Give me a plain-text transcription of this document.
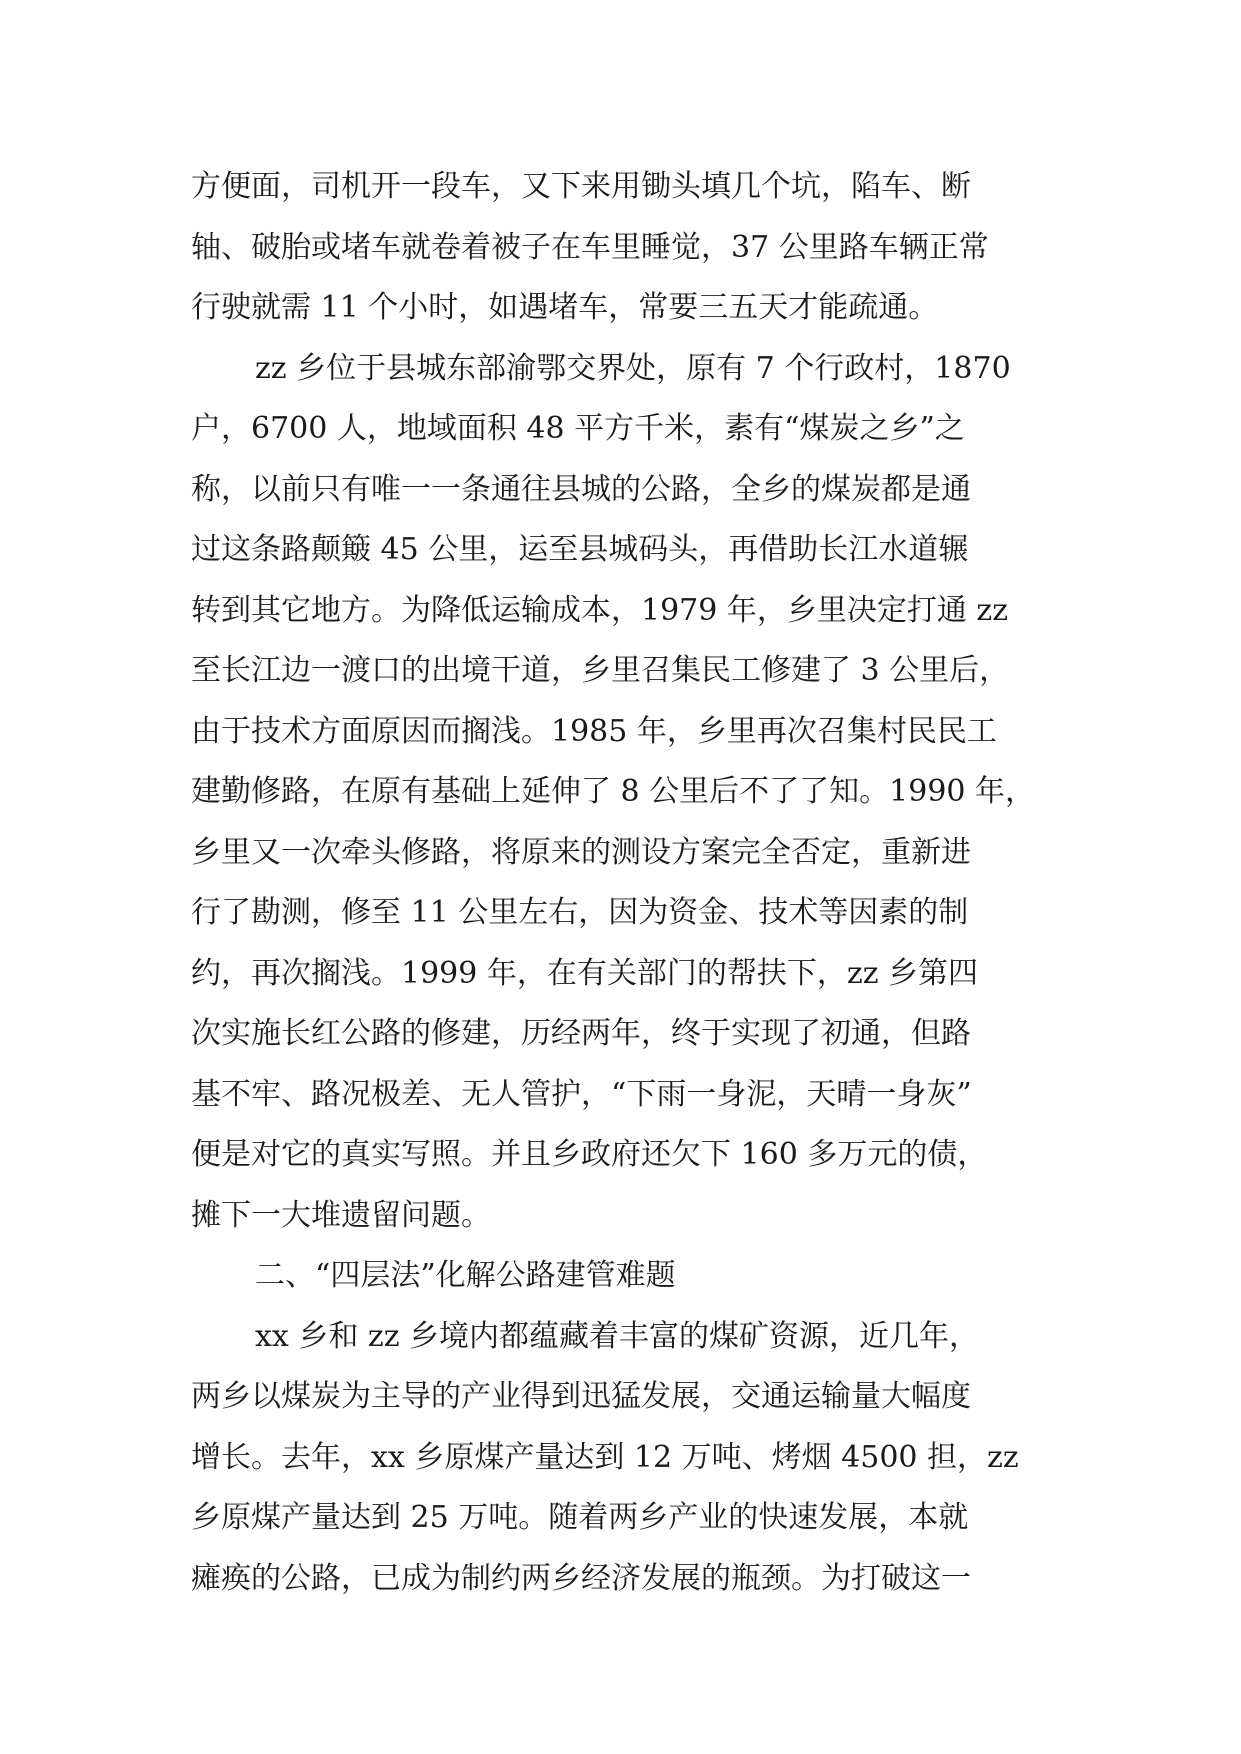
方便面，司机开一段车，又下来用锄头填几个坑，陷车、断
轴、破胎或堵车就卷着被子在车里睡觉，37 公里路车辆正常
行驶就需 11 个小时，如遇堵车，常要三五天才能疏通。
zz 乡位于县城东部渝鄂交界处，原有 7 个行政村，1870
户，6700 人，地域面积 48 平方千米，素有“煤炭之乡”之
称，以前只有唯一一条通往县城的公路，全乡的煤炭都是通
过这条路颠簸 45 公里，运至县城码头，再借助长江水道辗
转到其它地方。为降低运输成本，1979 年，乡里决定打通 zz
至长江边一渡口的出境干道，乡里召集民工修建了 3 公里后，
由于技术方面原因而搁浅。1985 年，乡里再次召集村民民工
建勤修路，在原有基础上延伸了 8 公里后不了了知。1990 年，
乡里又一次牵头修路，将原来的测设方案完全否定，重新进
行了勘测，修至 11 公里左右，因为资金、技术等因素的制
约，再次搁浅。1999 年，在有关部门的帮扶下，zz 乡第四
次实施长红公路的修建，历经两年，终于实现了初通，但路
基不牢、路况极差、无人管护，“下雨一身泥，天晴一身灰”
便是对它的真实写照。并且乡政府还欠下 160 多万元的债，
摊下一大堆遗留问题。
二、“四层法”化解公路建管难题
xx 乡和 zz 乡境内都蕴藏着丰富的煤矿资源，近几年，
两乡以煤炭为主导的产业得到迅猛发展，交通运输量大幅度
增长。去年，xx 乡原煤产量达到 12 万吨、烤烟 4500 担，zz
乡原煤产量达到 25 万吨。随着两乡产业的快速发展，本就
瘫痪的公路，已成为制约两乡经济发展的瓶颈。为打破这一
